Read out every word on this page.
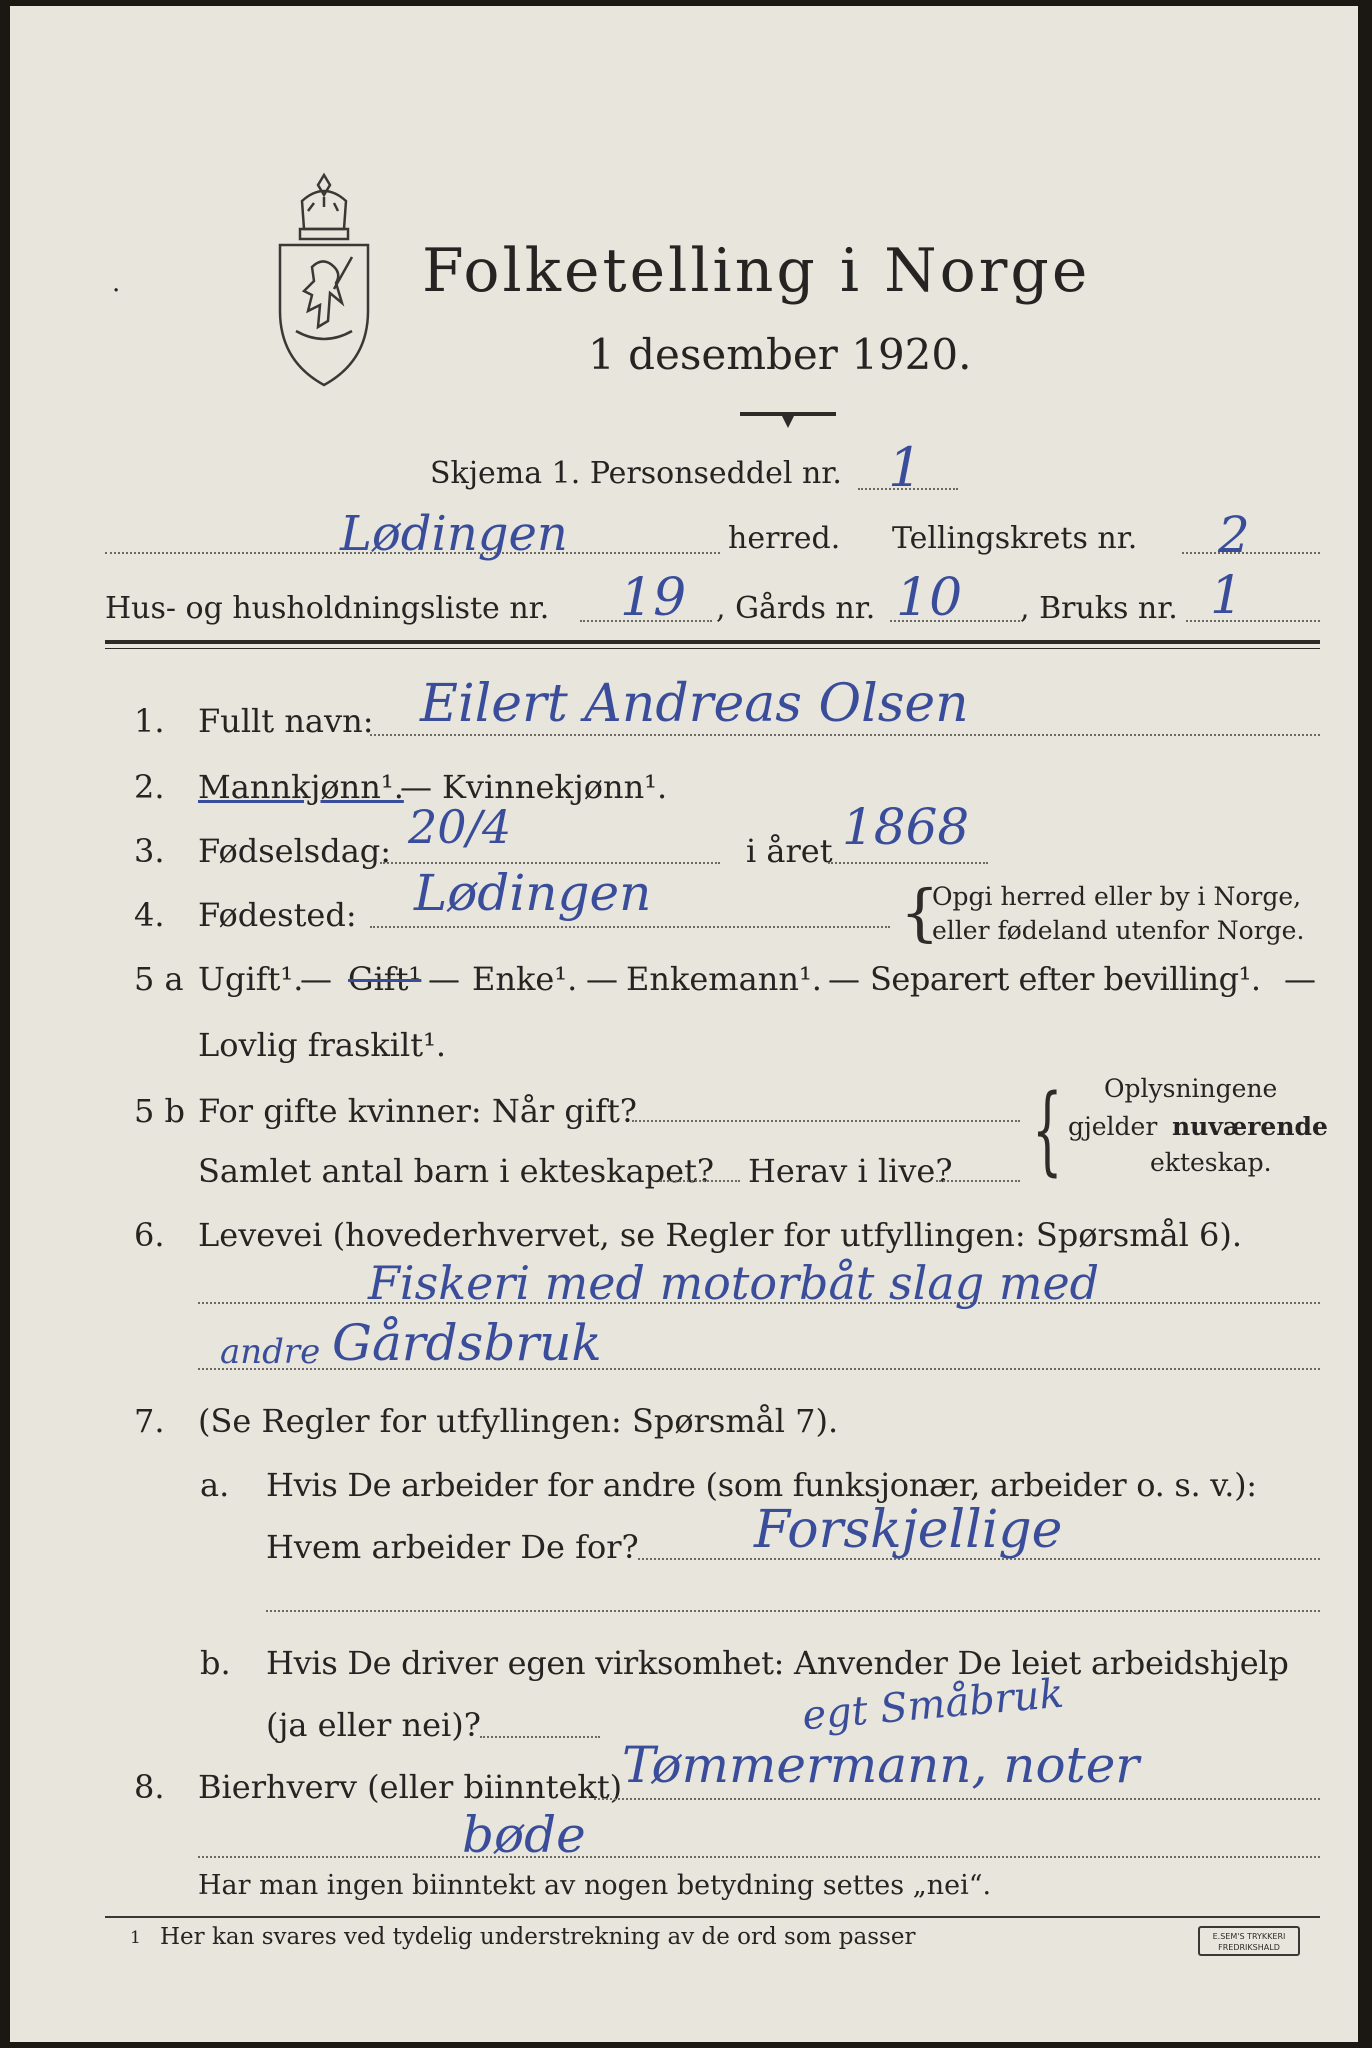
·	Folketelling i Norge
1 desember 1920.
Skjema 1. Personseddel nr. 1
Lødingen	herred. Tellingskrets nr. 2
Hus- og husholdningsliste nr. 19 , Gårds nr. 10 , Bruks nr. 1
1. Fullt navn: Eilert Andreas Olsen
2. Mannkjønn¹.
— Kvinnekjønn¹.
3. Fødselsdag: 20/4	i året 1868
4. Fødested: Lødingen	{
Opgi herred eller by i Norge,
eller fødeland utenfor Norge.
5 a Ugift¹.
— Gift¹ — Enke¹. — Enkemann¹. — Separert efter bevilling¹. —
Lovlig fraskilt¹.
5 b For gifte kvinner: Når gift?
Samlet antal barn i ekteskapet? Herav i live? { Oplysningene
gjelder nuværende
ekteskap.
6. Levevei (hovederhvervet, se Regler for utfyllingen: Spørsmål 6).
Fiskeri med motorbåt slag med
andre Gårdsbruk
7. (Se Regler for utfyllingen: Spørsmål 7).
a. Hvis De arbeider for andre (som funksjonær, arbeider o. s. v.):
Hvem arbeider De for? Forskjellige
b. Hvis De driver egen virksomhet: Anvender De leiet arbeidshjelp
(ja eller nei)?	egt Småbruk
8. Bierhverv (eller biinntekt) Tømmermann, noter
bøde
Har man ingen biinntekt av nogen betydning settes „nei“.
1 Her kan svares ved tydelig understrekning av de ord som passer	E.SEM'S TRYKKERI
FREDRIKSHALD
